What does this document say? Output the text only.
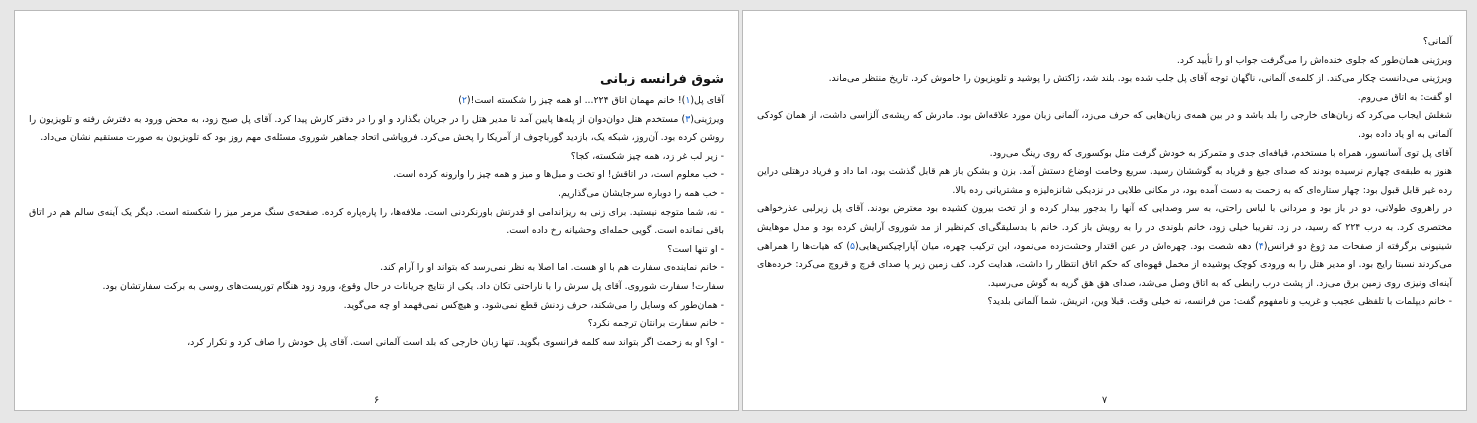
شوق فرانسه زبانی

آقای پل(۱)! خانم مهمان اتاق ۲۲۴... او همه چیز را شکسته است!(۲)

ویرژینی(۳) مستخدم هتل دوان‌دوان از پله‌ها پایین آمد تا مدیر هتل را در جریان بگذارد و او را در دفتر کارش پیدا کرد. آقای پل صبح زود، به محض ورود به دفترش رفته و تلویزیون را روشن کرده بود. آن‌روز، شبکه یک، بازدید گورباچوف از آمریکا را پخش می‌کرد. فروپاشی اتحاد جماهیر شوروی مسئله‌ی مهم روز بود که تلویزیون به صورت مستقیم نشان می‌داد.

- زیر لب غر زد، همه چیز شکسته، کجا؟

- خب معلوم است، در اتاقش! او تخت و مبل‌ها و میز و همه چیز را وارونه کرده است.

- خب همه را دوباره سرجایشان می‌گذاریم.

- نه، شما متوجه نیستید. برای زنی به ریزاندامی او قدرتش باورنکردنی است. ملافه‌ها، را پاره‌پاره کرده. صفحه‌ی سنگ مرمر میز را شکسته است. دیگر یک آینه‌ی سالم هم در اتاق باقی نمانده است. گویی حمله‌ای وحشیانه رخ داده است.

- او تنها است؟

- خانم نماینده‌ی سفارت هم با او هست. اما اصلا به نظر نمی‌رسد که بتواند او را آرام کند.

سفارت! سفارت شوروی. آقای پل سرش را با ناراحتی تکان داد. یکی از نتایج جریانات در حال وقوع، ورود زود هنگام توریست‌های روسی به برکت سفارتشان بود.

- همان‌طور که وسایل را می‌شکند، حرف زدنش قطع نمی‌شود. و هیچ‌کس نمی‌فهمد او چه می‌گوید.

- خانم سفارت برانتان ترجمه نکرد؟

- او؟ او به زحمت اگر بتواند سه کلمه فرانسوی بگوید. تنها زبان خارجی که بلد است آلمانی است. آقای پل خودش را صاف کرد و تکرار کرد،

۶

آلمانی؟

ویرژینی همان‌طور که جلوی خنده‌اش را می‌گرفت جواب او را تأیید کرد.

ویرژینی می‌دانست چکار می‌کند. از کلمه‌ی آلمانی، ناگهان توجه آقای پل جلب شده بود. بلند شد، ژاکتش را پوشید و تلویزیون را خاموش کرد. تاریخ منتظر می‌ماند.

او گفت: به اتاق می‌روم.

شغلش ایجاب می‌کرد که زبان‌های خارجی را بلد باشد و در بین همه‌ی زبان‌هایی که حرف می‌زد، آلمانی زبان مورد علاقه‌اش بود. مادرش که ریشه‌ی آلزاسی داشت، از همان کودکی آلمانی به او یاد داده بود.

آقای پل توی آسانسور، همراه با مستخدم، قیافه‌ای جدی و متمرکز به خودش گرفت مثل بوکسوری که روی رینگ می‌رود.

هنوز به طبقه‌ی چهارم نرسیده بودند که صدای جیغ و فریاد به گوششان رسید. سریع وخامت اوضاع دستش آمد. بزن و بشکن باز هم قابل گذشت بود، اما داد و فریاد درهتلی دراین رده غیر قابل قبول بود: چهار ستاره‌ای که به زحمت به دست آمده بود، در مکانی طلایی در نزدیکی شانزه‌لیزه و مشتریانی رده بالا.

در راهروی طولانی، دو در باز بود و مردانی با لباس راحتی، به سر وصدایی که آنها را بدجور بیدار کرده و از تخت بیرون کشیده بود معترض بودند. آقای پل زیرلبی عذرخواهی مختصری کرد. به درب ۲۲۴ که رسید، در زد. تقریبا خیلی زود، خانم بلوندی در را به رویش باز کرد. خانم با بدسلیقگی‌ای کم‌نظیر از مد شوروی آرایش کرده بود و مدل موهایش شینیونی برگرفته از صفحات مد ژوغ دو فرانس(۴) دهه شصت بود. چهره‌اش در عین اقتدار وحشت‌زده می‌نمود، این ترکیب چهره، میان آپاراچیکس‌هایی(۵) که هیات‌ها را همراهی می‌کردند نسبتا رایج بود. او مدیر هتل را به ورودی کوچک پوشیده از مخمل قهوه‌ای که حکم اتاق انتظار را داشت، هدایت کرد. کف زمین زیر پا صدای قرچ و قروچ می‌کرد: خرده‌های آینه‌ای ونیزی روی زمین برق می‌زد. از پشت درب رابطی که به اتاق وصل می‌شد، صدای هق هق گریه به گوش می‌رسید.

- خانم دیپلمات با تلفظی عجیب و غریب و نامفهوم گفت: من فرانسه، نه خیلی وقت. قبلا وین، اتریش. شما آلمانی بلدید؟

۷
